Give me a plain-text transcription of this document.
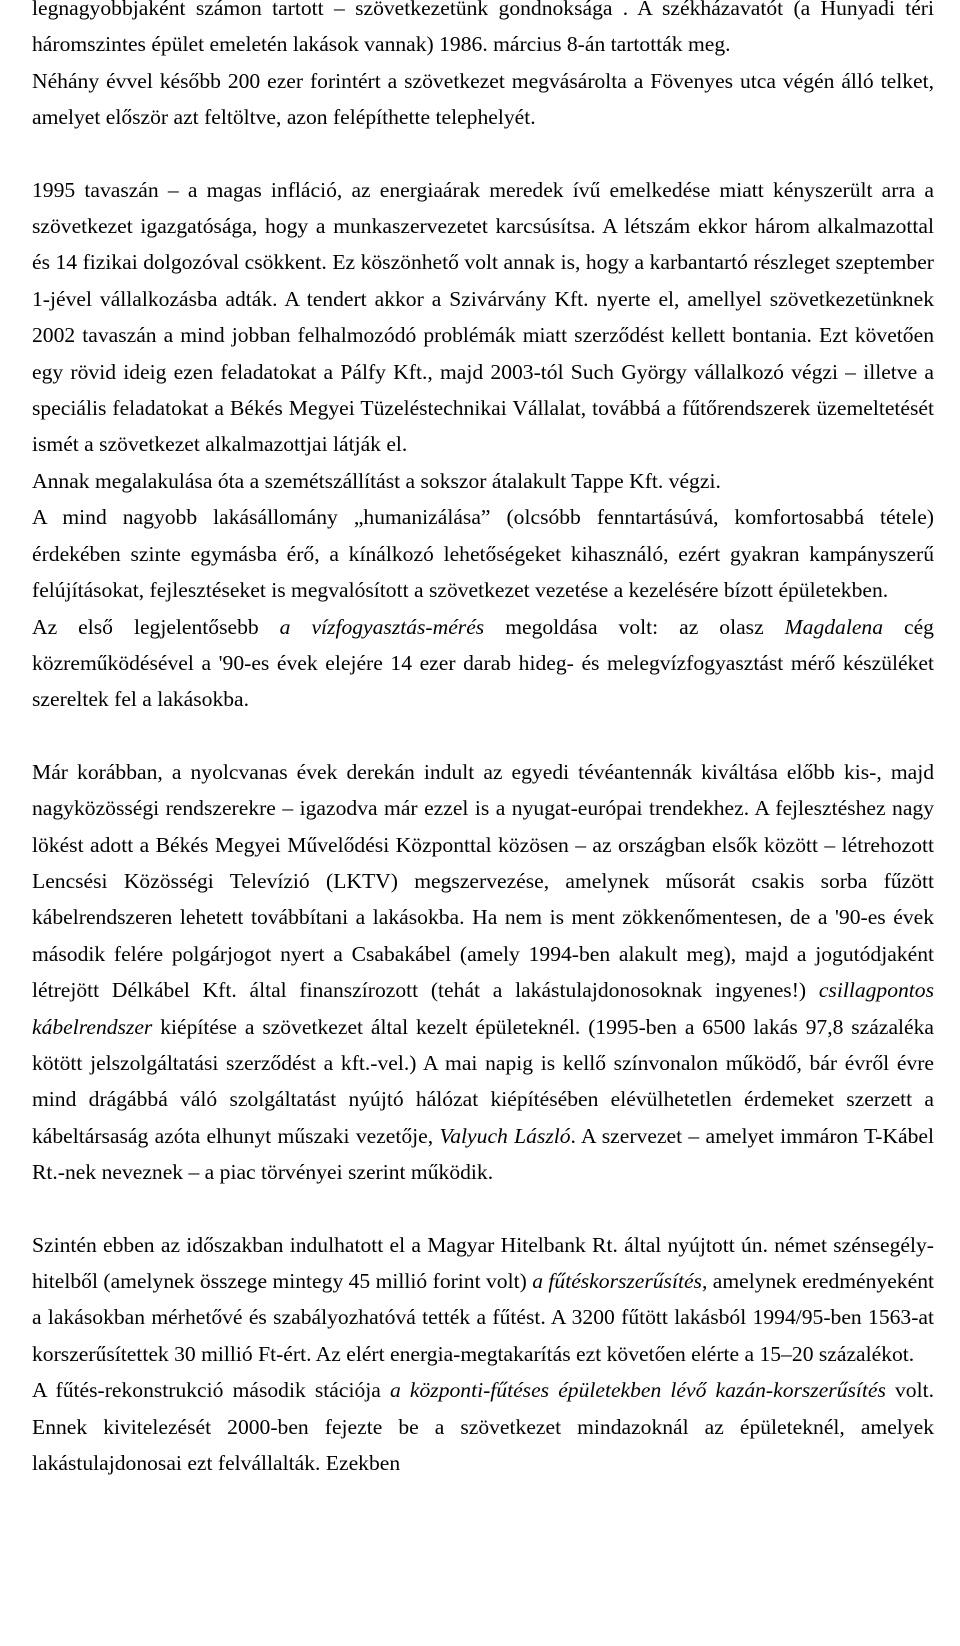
legnagyobbjaként számon tartott – szövetkezetünk gondnoksága . A székházavatót (a Hunyadi téri háromszintes épület emeletén lakások vannak) 1986. március 8-án tartották meg.

Néhány évvel később 200 ezer forintért a szövetkezet megvásárolta a Fövenyes utca végén álló telket, amelyet először azt feltöltve, azon felépíthette telephelyét.

1995 tavaszán – a magas infláció, az energiaárak meredek ívű emelkedése miatt kényszerült arra a szövetkezet igazgatósága, hogy a munkaszervezetet karcsúsítsa. A létszám ekkor három alkalmazottal és 14 fizikai dolgozóval csökkent. Ez köszönhető volt annak is, hogy a karbantartó részleget szeptember 1-jével vállalkozásba adták. A tendert akkor a Szivárvány Kft. nyerte el, amellyel szövetkezetünknek 2002 tavaszán a mind jobban felhalmozódó problémák miatt szerződést kellett bontania. Ezt követően egy rövid ideig ezen feladatokat a Pálfy Kft., majd 2003-tól Such György vállalkozó végzi – illetve a speciális feladatokat a Békés Megyei Tüzeléstechnikai Vállalat, továbbá a fűtőrendszerek üzemeltetését ismét a szövetkezet alkalmazottjai látják el.

Annak megalakulása óta a szemétszállítást a sokszor átalakult Tappe Kft. végzi.

A mind nagyobb lakásállomány „humanizálása” (olcsóbb fenntartásúvá, komfortosabbá tétele) érdekében szinte egymásba érő, a kínálkozó lehetőségeket kihasználó, ezért gyakran kampányszerű felújításokat, fejlesztéseket is megvalósított a szövetkezet vezetése a kezelésére bízott épületekben.

Az első legjelentősebb a vízfogyasztás-mérés megoldása volt: az olasz Magdalena cég közreműködésével a '90-es évek elejére 14 ezer darab hideg- és melegvízfogyasztást mérő készüléket szereltek fel a lakásokba.

Már korábban, a nyolcvanas évek derekán indult az egyedi tévéantennák kiváltása előbb kis-, majd nagyközösségi rendszerekre – igazodva már ezzel is a nyugat-európai trendekhez. A fejlesztéshez nagy lökést adott a Békés Megyei Művelődési Központtal közösen – az országban elsők között – létrehozott Lencsési Közösségi Televízió (LKTV) megszervezése, amelynek műsorát csakis sorba fűzött kábelrendszeren lehetett továbbítani a lakásokba. Ha nem is ment zökkenőmentesen, de a '90-es évek második felére polgárjogot nyert a Csabakábel (amely 1994-ben alakult meg), majd a jogutódjaként létrejött Délkábel Kft. által finanszírozott (tehát a lakástulajdonosoknak ingyenes!) csillagpontos kábelrendszer kiépítése a szövetkezet által kezelt épületeknél. (1995-ben a 6500 lakás 97,8 százaléka kötött jelszolgáltatási szerződést a kft.-vel.) A mai napig is kellő színvonalon működő, bár évről évre mind drágábbá váló szolgáltatást nyújtó hálózat kiépítésében elévülhetetlen érdemeket szerzett a kábeltársaság azóta elhunyt műszaki vezetője, Valyuch László. A szervezet – amelyet immáron T-Kábel Rt.-nek neveznek – a piac törvényei szerint működik.

Szintén ebben az időszakban indulhatott el a Magyar Hitelbank Rt. által nyújtott ún. német szénsegély-hitelből (amelynek összege mintegy 45 millió forint volt) a fűtéskorszerűsítés, amelynek eredményeként a lakásokban mérhetővé és szabályozhatóvá tették a fűtést. A 3200 fűtött lakásból 1994/95-ben 1563-at korszerűsítettek 30 millió Ft-ért. Az elért energia-megtakarítás ezt követően elérte a 15–20 százalékot.

A fűtés-rekonstrukció második stációja a központi-fűtéses épületekben lévő kazán-korszerűsítés volt. Ennek kivitelezését 2000-ben fejezte be a szövetkezet mindazoknál az épületeknél, amelyek lakástulajdonosai ezt felvállalták. Ezekben
